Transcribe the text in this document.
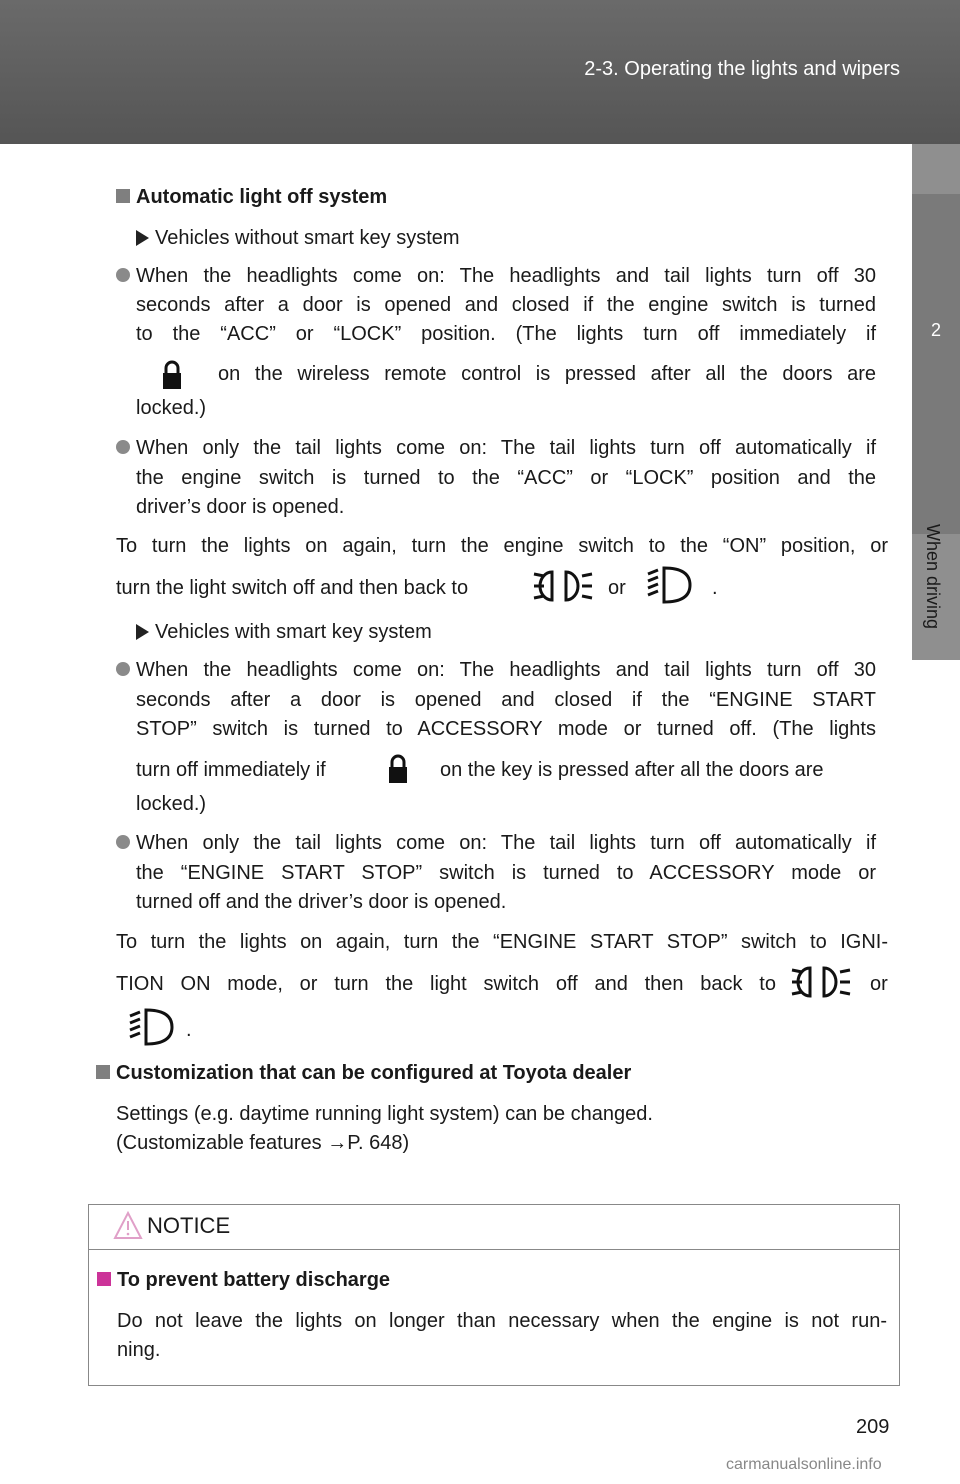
2-3. Operating the lights and wipers
2
When driving
Automatic light off system
Vehicles without smart key system
When the headlights come on: The headlights and tail lights turn off 30
seconds after a door is opened and closed if the engine switch is turned
to the “ACC” or “LOCK” position. (The lights turn off immediately if
on the wireless remote control is pressed after all the doors are
locked.)
When only the tail lights come on: The tail lights turn off automatically if
the engine switch is turned to the “ACC” or “LOCK” position and the
driver’s door is opened.
To turn the lights on again, turn the engine switch to the “ON” position, or
turn the light switch off and then back to	or	.
Vehicles with smart key system
When the headlights come on: The headlights and tail lights turn off 30
seconds after a door is opened and closed if the “ENGINE START
STOP” switch is turned to ACCESSORY mode or turned off. (The lights
turn off immediately if	on the key is pressed after all the doors are
locked.)
When only the tail lights come on: The tail lights turn off automatically if
the “ENGINE START STOP” switch is turned to ACCESSORY mode or
turned off and the driver’s door is opened.
To turn the lights on again, turn the “ENGINE START STOP” switch to IGNI-
TION ON mode, or turn the light switch off and then back to	or
.
Customization that can be configured at Toyota dealer
Settings (e.g. daytime running light system) can be changed.
(Customizable features →P. 648)
NOTICE
To prevent battery discharge
Do not leave the lights on longer than necessary when the engine is not run-
ning.
209
carmanualsonline.info
